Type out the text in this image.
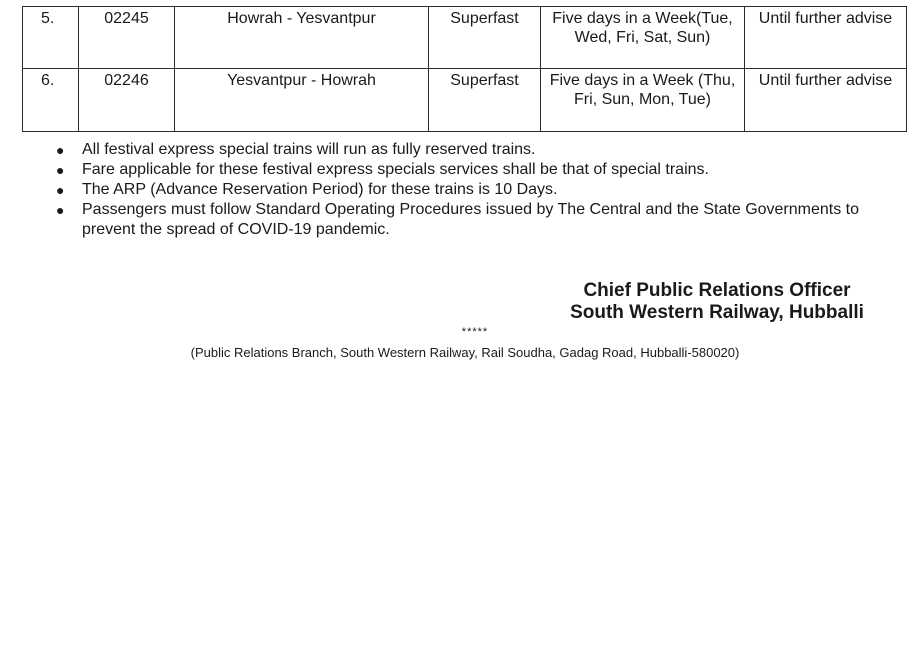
5.	02245	Howrah - Yesvantpur	Superfast	Five days in a Week(Tue, Wed, Fri, Sat, Sun)	Until further advise
6.	02246	Yesvantpur - Howrah	Superfast	Five days in a Week (Thu, Fri, Sun, Mon, Tue)	Until further advise
● All festival express special trains will run as fully reserved trains.
● Fare applicable for these festival express specials services shall be that of special trains.
● The ARP (Advance Reservation Period) for these trains is 10 Days.
● Passengers must follow Standard Operating Procedures issued by The Central and the State Governments to prevent the spread of COVID-19 pandemic.
Chief Public Relations Officer
South Western Railway, Hubballi
*****
(Public Relations Branch, South Western Railway, Rail Soudha, Gadag Road, Hubballi-580020)
